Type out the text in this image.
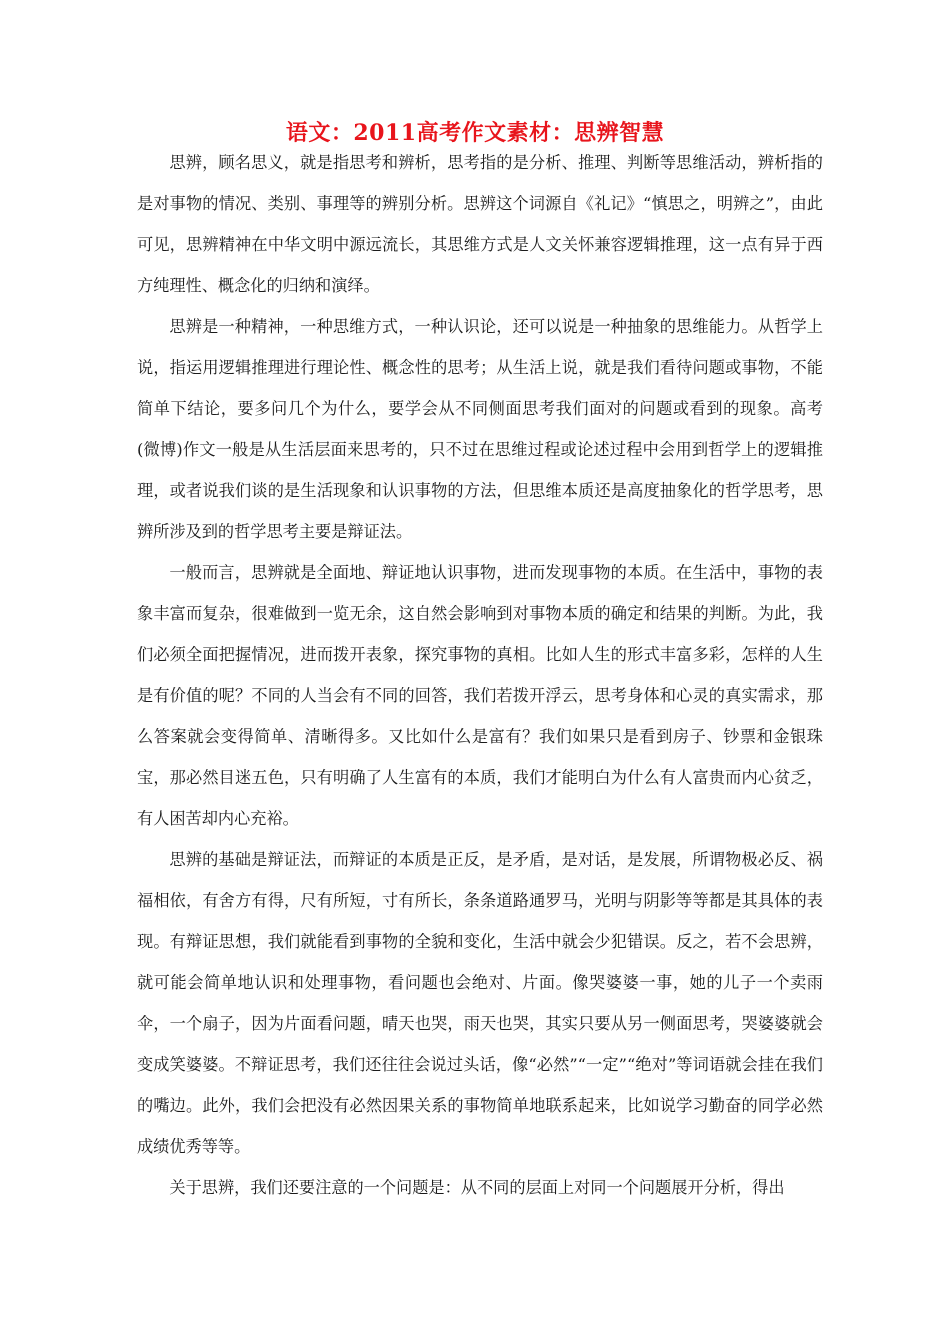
语文：2011高考作文素材：思辨智慧

思辨，顾名思义，就是指思考和辨析，思考指的是分析、推理、判断等思维活动，辨析指的是对事物的情况、类别、事理等的辨别分析。思辨这个词源自《礼记》“慎思之，明辨之”，由此可见，思辨精神在中华文明中源远流长，其思维方式是人文关怀兼容逻辑推理，这一点有异于西方纯理性、概念化的归纳和演绎。

思辨是一种精神，一种思维方式，一种认识论，还可以说是一种抽象的思维能力。从哲学上说，指运用逻辑推理进行理论性、概念性的思考；从生活上说，就是我们看待问题或事物，不能简单下结论，要多问几个为什么，要学会从不同侧面思考我们面对的问题或看到的现象。高考(微博)作文一般是从生活层面来思考的，只不过在思维过程或论述过程中会用到哲学上的逻辑推理，或者说我们谈的是生活现象和认识事物的方法，但思维本质还是高度抽象化的哲学思考，思辨所涉及到的哲学思考主要是辩证法。

一般而言，思辨就是全面地、辩证地认识事物，进而发现事物的本质。在生活中，事物的表象丰富而复杂，很难做到一览无余，这自然会影响到对事物本质的确定和结果的判断。为此，我们必须全面把握情况，进而拨开表象，探究事物的真相。比如人生的形式丰富多彩，怎样的人生是有价值的呢？不同的人当会有不同的回答，我们若拨开浮云，思考身体和心灵的真实需求，那么答案就会变得简单、清晰得多。又比如什么是富有？我们如果只是看到房子、钞票和金银珠宝，那必然目迷五色，只有明确了人生富有的本质，我们才能明白为什么有人富贵而内心贫乏，有人困苦却内心充裕。

思辨的基础是辩证法，而辩证的本质是正反，是矛盾，是对话，是发展，所谓物极必反、祸福相依，有舍方有得，尺有所短，寸有所长，条条道路通罗马，光明与阴影等等都是其具体的表现。有辩证思想，我们就能看到事物的全貌和变化，生活中就会少犯错误。反之，若不会思辨，就可能会简单地认识和处理事物，看问题也会绝对、片面。像哭婆婆一事，她的儿子一个卖雨伞，一个扇子，因为片面看问题，晴天也哭，雨天也哭，其实只要从另一侧面思考，哭婆婆就会变成笑婆婆。不辩证思考，我们还往往会说过头话，像“必然”“一定”“绝对”等词语就会挂在我们的嘴边。此外，我们会把没有必然因果关系的事物简单地联系起来，比如说学习勤奋的同学必然成绩优秀等等。

关于思辨，我们还要注意的一个问题是：从不同的层面上对同一个问题展开分析，得出
